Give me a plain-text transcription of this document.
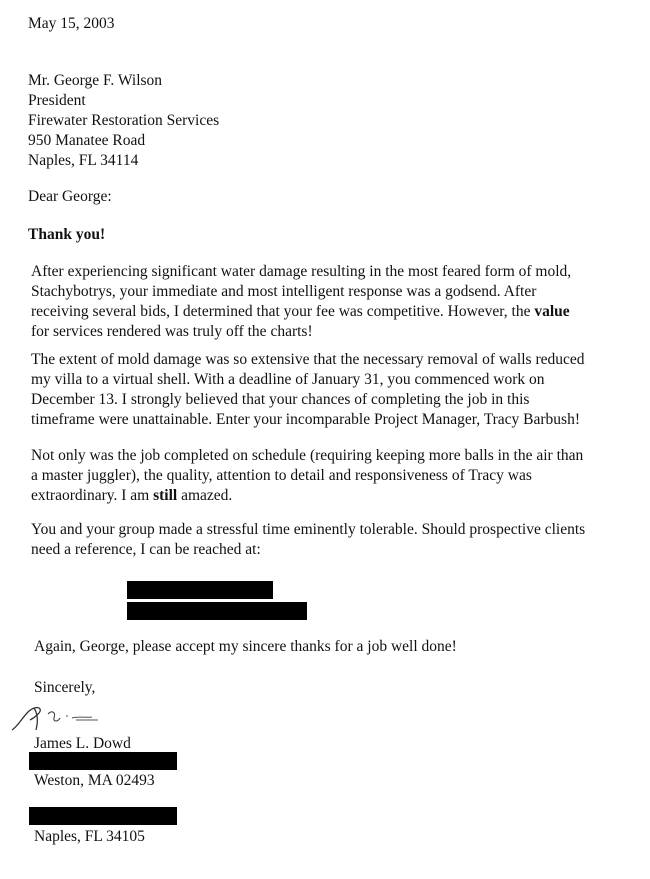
May 15, 2003
Mr. George F. Wilson
President
Firewater Restoration Services
950 Manatee Road
Naples, FL 34114
Dear George:
Thank you!
After experiencing significant water damage resulting in the most feared form of mold,
Stachybotrys, your immediate and most intelligent response was a godsend. After
receiving several bids, I determined that your fee was competitive. However, the value
for services rendered was truly off the charts!
The extent of mold damage was so extensive that the necessary removal of walls reduced
my villa to a virtual shell. With a deadline of January 31, you commenced work on
December 13. I strongly believed that your chances of completing the job in this
timeframe were unattainable. Enter your incomparable Project Manager, Tracy Barbush!
Not only was the job completed on schedule (requiring keeping more balls in the air than
a master juggler), the quality, attention to detail and responsiveness of Tracy was
extraordinary. I am still amazed.
You and your group made a stressful time eminently tolerable. Should prospective clients
need a reference, I can be reached at:
Again, George, please accept my sincere thanks for a job well done!
Sincerely,
James L. Dowd
Weston, MA 02493
Naples, FL 34105
